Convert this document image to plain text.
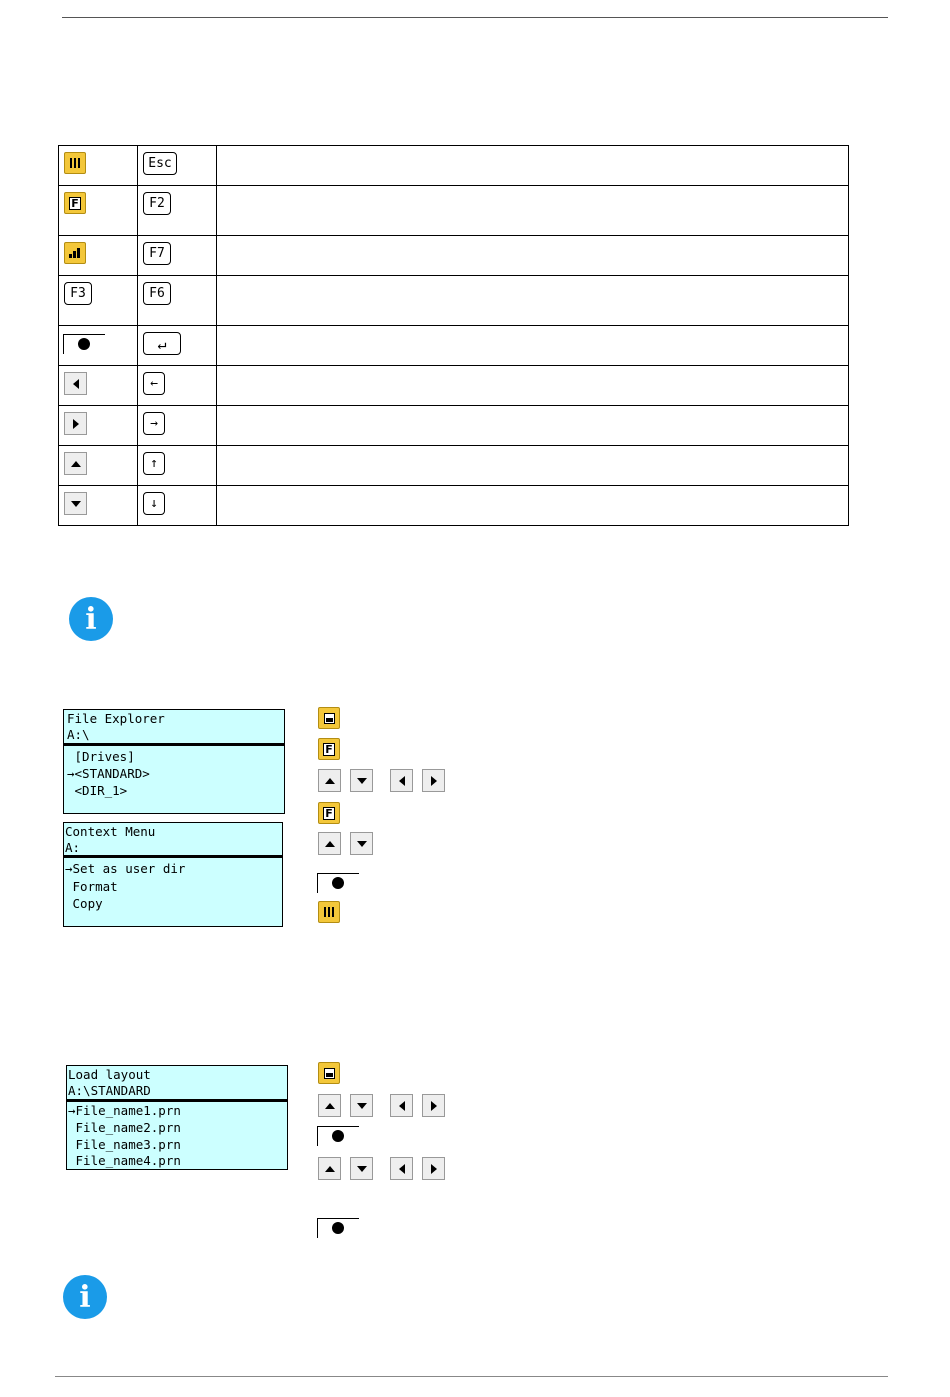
Esc	

F	F2	

F7	

F3	F6	

↵	

←	

→	

↑	

↓	

i
File Explorer
A:\
[Drives]
→<STANDARD>
<DIR_1>
Context Menu
A:
→Set as user dir
Format
Copy
F
F
Load layout
A:\STANDARD
→File_name1.prn
File_name2.prn
File_name3.prn
File_name4.prn
i
